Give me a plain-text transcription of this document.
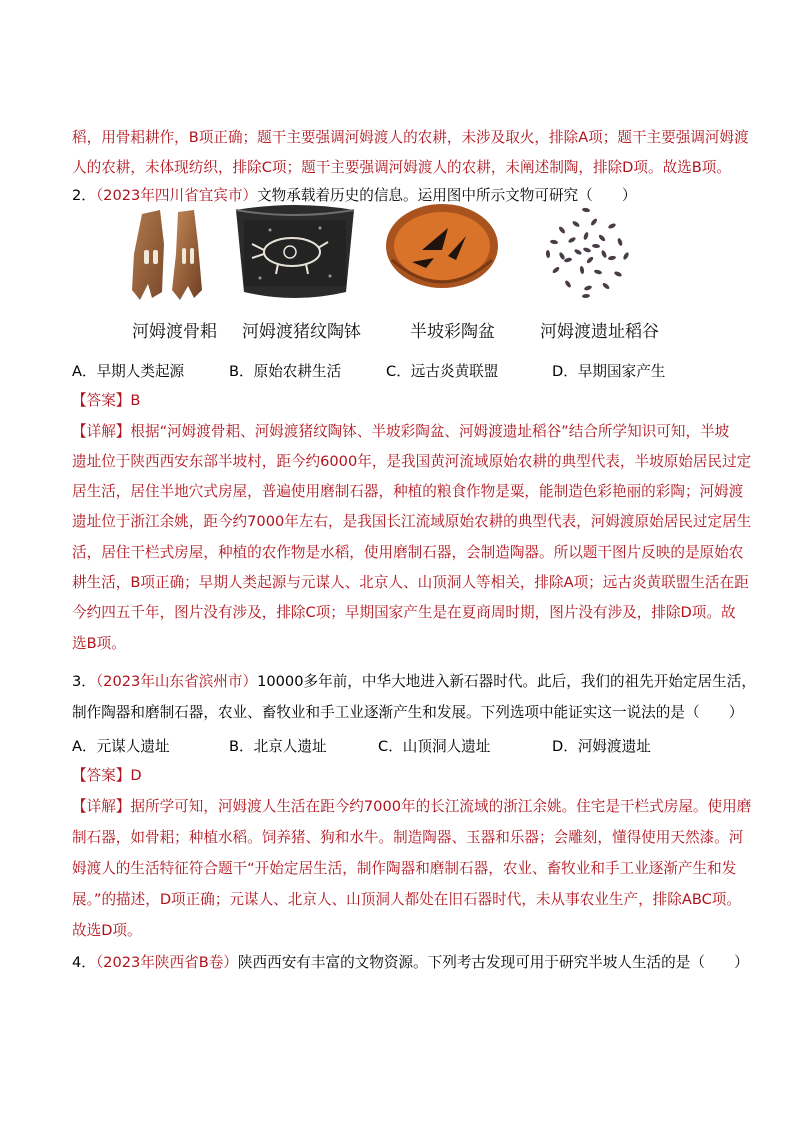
稻，用骨耜耕作，B项正确；题干主要强调河姆渡人的农耕，未涉及取火，排除A项；题干主要强调河姆渡
人的农耕，未体现纺织，排除C项；题干主要强调河姆渡人的农耕，未阐述制陶，排除D项。故选B项。
2．（2023年四川省宜宾市）文物承载着历史的信息。运用图中所示文物可研究（　　）
河姆渡骨耜 河姆渡猪纹陶钵	半坡彩陶盆	河姆渡遗址稻谷
A．早期人类起源	B．原始农耕生活	C．远古炎黄联盟	D．早期国家产生
【答案】B
【详解】根据“河姆渡骨耜、河姆渡猪纹陶钵、半坡彩陶盆、河姆渡遗址稻谷”结合所学知识可知，半坡
遗址位于陕西西安东部半坡村，距今约6000年，是我国黄河流域原始农耕的典型代表，半坡原始居民过定
居生活，居住半地穴式房屋，普遍使用磨制石器，种植的粮食作物是粟，能制造色彩艳丽的彩陶；河姆渡
遗址位于浙江余姚，距今约7000年左右，是我国长江流域原始农耕的典型代表，河姆渡原始居民过定居生
活，居住干栏式房屋，种植的农作物是水稻，使用磨制石器，会制造陶器。所以题干图片反映的是原始农
耕生活，B项正确；早期人类起源与元谋人、北京人、山顶洞人等相关，排除A项；远古炎黄联盟生活在距
今约四五千年，图片没有涉及，排除C项；早期国家产生是在夏商周时期，图片没有涉及，排除D项。故
选B项。
3．（2023年山东省滨州市）10000多年前，中华大地进入新石器时代。此后，我们的祖先开始定居生活，
制作陶器和磨制石器，农业、畜牧业和手工业逐渐产生和发展。下列选项中能证实这一说法的是（　　）
A．元谋人遗址	B．北京人遗址	C．山顶洞人遗址	D．河姆渡遗址
【答案】D
【详解】据所学可知，河姆渡人生活在距今约7000年的长江流域的浙江余姚。住宅是干栏式房屋。使用磨
制石器，如骨耜；种植水稻。饲养猪、狗和水牛。制造陶器、玉器和乐器；会雕刻，懂得使用天然漆。河
姆渡人的生活特征符合题干“开始定居生活，制作陶器和磨制石器，农业、畜牧业和手工业逐渐产生和发
展。”的描述，D项正确；元谋人、北京人、山顶洞人都处在旧石器时代，未从事农业生产，排除ABC项。
故选D项。
4．（2023年陕西省B卷）陕西西安有丰富的文物资源。下列考古发现可用于研究半坡人生活的是（　　）
